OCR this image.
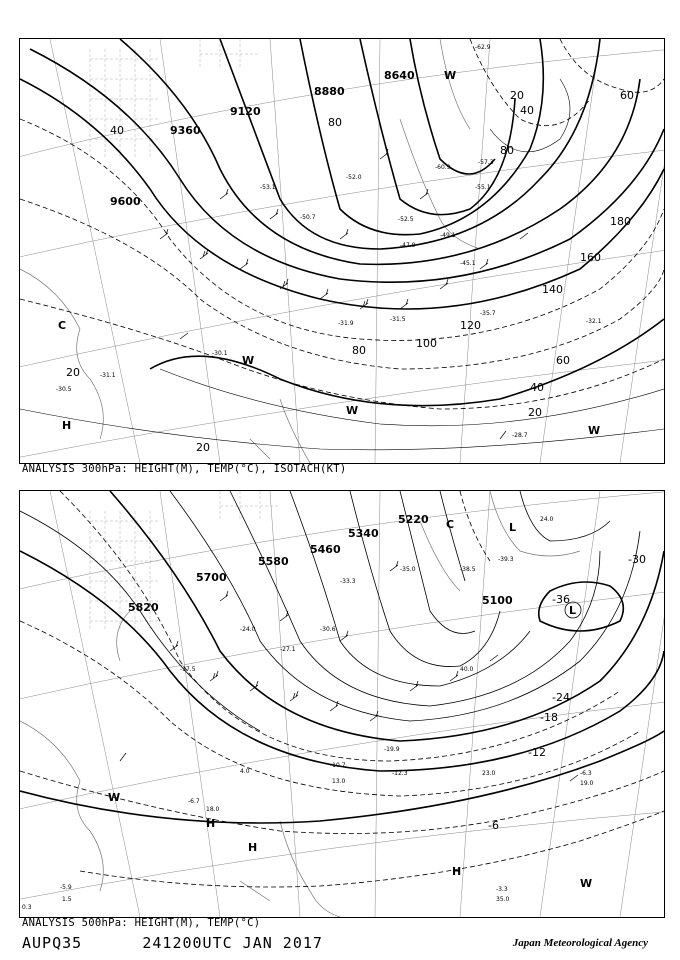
8640
8880
9120
9360
9600
20
40
60
80
100
120
140
160
180
80
60
40
20
20
20
40
80
H
C
W
W
W
W
-55.1
-57.3
-60.9
-52.5
-47.9
-45.1
-35.7
-32.1
-31.9
-31.5
-30.1
-31.1
-30.5
-28.7
-62.9
-52.0
-50.7
-53.1
-49.1
ANALYSIS 300hPa: HEIGHT(M), TEMP(°C), ISOTACH(KT)
5100
5220
5340
5460
5580
5700
5820
-36
-30
-24
-18
-12
-6
L
L
C
H
H
H
W
W
-39.3
-38.5
-35.0
-33.3
-30.6
-27.1
-24.0
-19.9
-17.5
-12.3
-10.7
-6.3
-3.3
-5.9
-6.7
35.0
19.0
23.0
13.0
4.0
1.5
0.3
18.0
24.0
40.0
ANALYSIS 500hPa: HEIGHT(M), TEMP(°C)
AUPQ35	241200UTC JAN 2017	Japan Meteorological Agency
